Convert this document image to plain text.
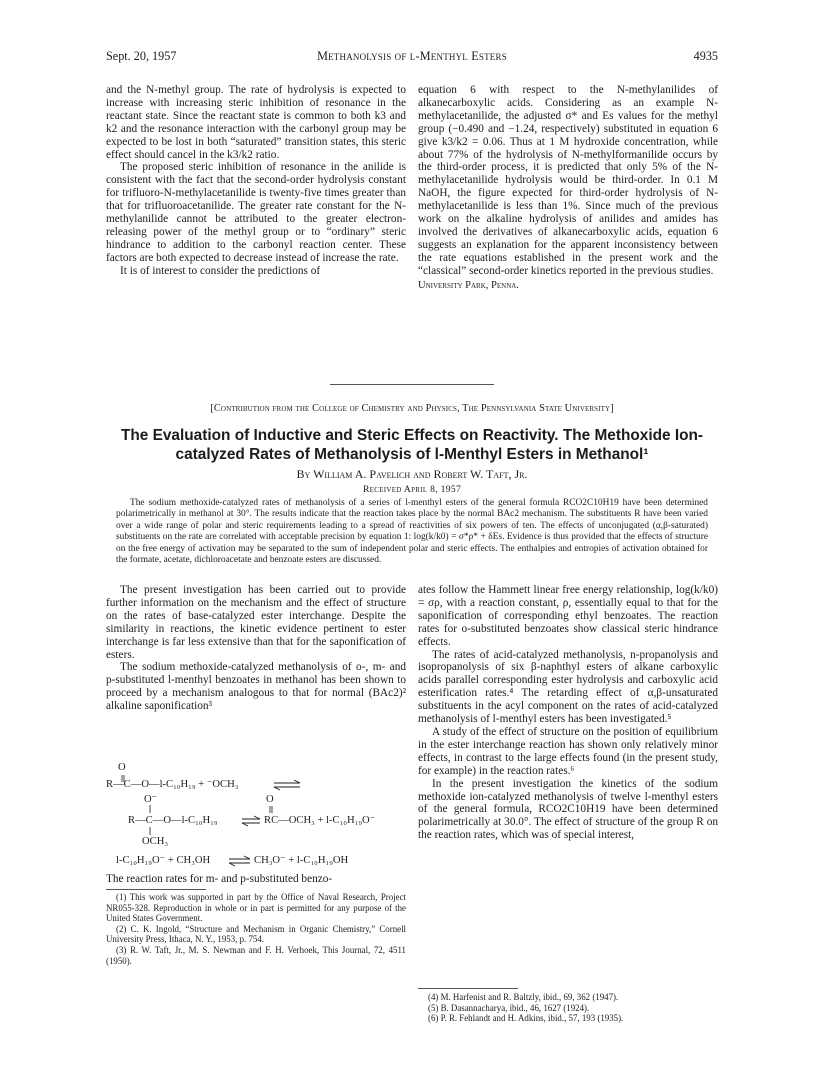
Sept. 20, 1957	Methanolysis of l-Menthyl Esters	4935

and the N-methyl group. The rate of hydrolysis is expected to increase with increasing steric inhibition of resonance in the reactant state. Since the reactant state is common to both k3 and k2 and the resonance interaction with the carbonyl group may be expected to be lost in both “saturated” transition states, this steric effect should cancel in the k3/k2 ratio.

The proposed steric inhibition of resonance in the anilide is consistent with the fact that the second-order hydrolysis constant for trifluoro-N-methylacetanilide is twenty-five times greater than that for trifluoroacetanilide. The greater rate constant for the N-methylanilide cannot be attributed to the greater electron-releasing power of the methyl group or to “ordinary” steric hindrance to addition to the carbonyl reaction center. These factors are both expected to decrease instead of increase the rate.

It is of interest to consider the predictions of

equation 6 with respect to the N-methylanilides of alkanecarboxylic acids. Considering as an example N-methylacetanilide, the adjusted σ* and Es values for the methyl group (−0.490 and −1.24, respectively) substituted in equation 6 give k3/k2 = 0.06. Thus at 1 M hydroxide concentration, while about 77% of the hydrolysis of N-methylformanilide occurs by the third-order process, it is predicted that only 5% of the N-methylacetanilide hydrolysis would be third-order. In 0.1 M NaOH, the figure expected for third-order hydrolysis of N-methylacetanilide is less than 1%. Since much of the previous work on the alkaline hydrolysis of anilides and amides has involved the derivatives of alkanecarboxylic acids, equation 6 suggests an explanation for the apparent inconsistency between the rate equations established in the present work and the “classical” second-order kinetics reported in the previous studies.

University Park, Penna.

[Contribution from the College of Chemistry and Physics, The Pennsylvania State University]
The Evaluation of Inductive and Steric Effects on Reactivity. The Methoxide Ion-
catalyzed Rates of Methanolysis of l-Menthyl Esters in Methanol¹
By William A. Pavelich and Robert W. Taft, Jr.
Received April 8, 1957

The sodium methoxide-catalyzed rates of methanolysis of a series of l-menthyl esters of the general formula RCO2C10H19 have been determined polarimetrically in methanol at 30°. The results indicate that the reaction takes place by the normal BAc2 mechanism. The substituents R have been varied over a wide range of polar and steric requirements leading to a spread of reactivities of six powers of ten. The effects of unconjugated (α,β-saturated) substituents on the rate are correlated with acceptable precision by equation 1: log(k/k0) = σ*ρ* + δEs. Evidence is thus provided that the effects of structure on the free energy of activation may be separated to the sum of independent polar and steric effects. The enthalpies and entropies of activation obtained for the formate, acetate, dichloroacetate and benzoate esters are discussed.

The present investigation has been carried out to provide further information on the mechanism and the effect of structure on the rates of base-catalyzed ester interchange. Despite the similarity in reactions, the kinetic evidence pertinent to ester interchange is far less extensive than that for the saponification of esters.

The sodium methoxide-catalyzed methanolysis of o-, m- and p-substituted l-menthyl benzoates in methanol has been shown to proceed by a mechanism analogous to that for normal (BAc2)² alkaline saponification³

O
R—C—O—l-C₁₀H₁₉ + ⁻OCH₃
O⁻
R—C—O—l-C₁₀H₁₉
O
RC—OCH₃ + l-C₁₀H₁₉O⁻
OCH₃
l-C₁₀H₁₉O⁻ + CH₃OH	CH₃O⁻ + l-C₁₀H₁₉OH

The reaction rates for m- and p-substituted benzo-

(1) This work was supported in part by the Office of Naval Research, Project NR055-328. Reproduction in whole or in part is permitted for any purpose of the United States Government.

(2) C. K. Ingold, “Structure and Mechanism in Organic Chemistry,” Cornell University Press, Ithaca, N. Y., 1953, p. 754.

(3) R. W. Taft, Jr., M. S. Newman and F. H. Verhoek, This Journal, 72, 4511 (1950).

ates follow the Hammett linear free energy relationship, log(k/k0) = σρ, with a reaction constant, ρ, essentially equal to that for the saponification of corresponding ethyl benzoates. The reaction rates for o-substituted benzoates show classical steric hindrance effects.

The rates of acid-catalyzed methanolysis, n-propanolysis and isopropanolysis of six β-naphthyl esters of alkane carboxylic acids parallel corresponding ester hydrolysis and carboxylic acid esterification rates.⁴ The retarding effect of α,β-unsaturated substituents in the acyl component on the rates of acid-catalyzed methanolysis of l-menthyl esters has been investigated.⁵

A study of the effect of structure on the position of equilibrium in the ester interchange reaction has shown only relatively minor effects, in contrast to the large effects found (in the present study, for example) in the reaction rates.⁶

In the present investigation the kinetics of the sodium methoxide ion-catalyzed methanolysis of twelve l-menthyl esters of the general formula, RCO2C10H19 have been determined polarimetrically at 30.0°. The effect of structure of the group R on the reaction rates, which was of special interest,

(4) M. Harfenist and R. Baltzly, ibid., 69, 362 (1947).

(5) B. Dasannacharya, ibid., 46, 1627 (1924).

(6) P. R. Fehlandt and H. Adkins, ibid., 57, 193 (1935).
